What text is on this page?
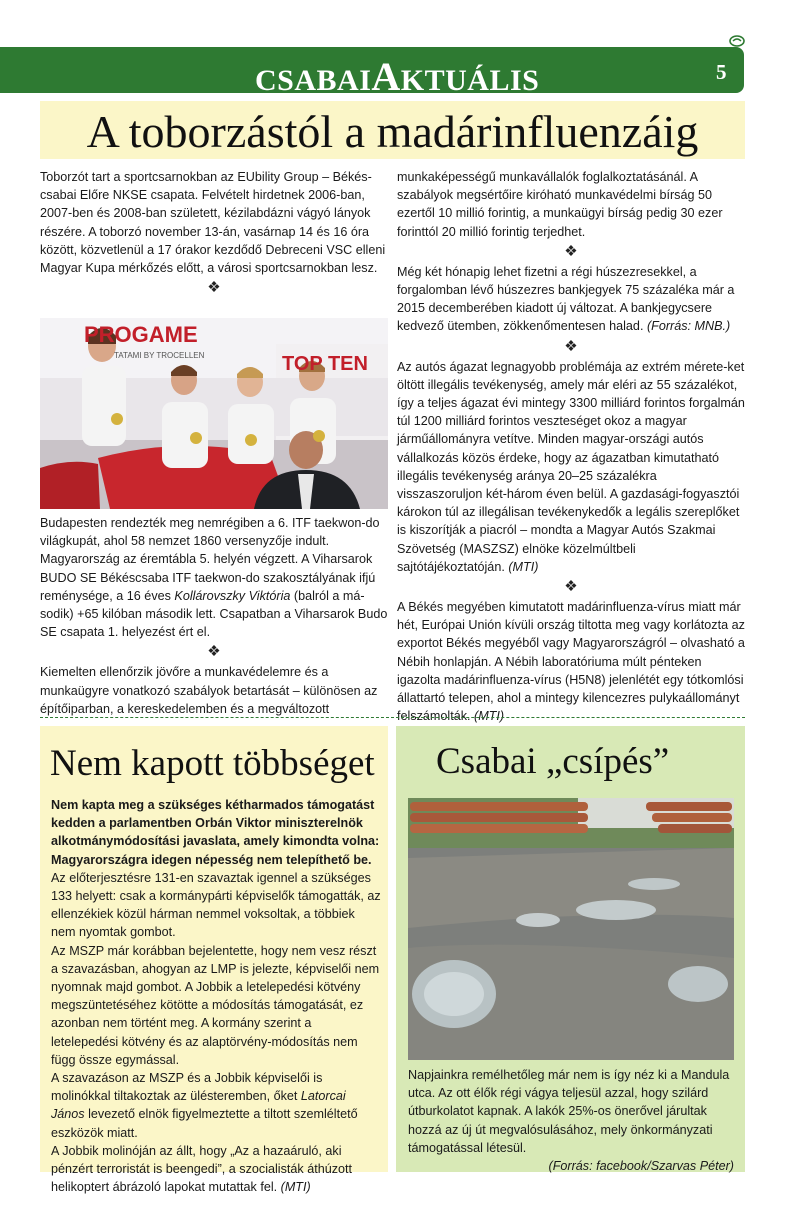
CSABAIAKTUÁLIS	5
A toborzástól a madárinfluenzáig

Toborzót tart a sportcsarnokban az EUbility Group – Békés-csabai Előre NKSE csapata. Felvételt hirdetnek 2006-ban, 2007-ben és 2008-ban született, kézilabdázni vágyó lányok részére. A toborzó november 13-án, vasárnap 14 és 16 óra között, közvetlenül a 17 órakor kezdődő Debreceni VSC elleni Magyar Kupa mérkőzés előtt, a városi sportcsarnokban lesz.

❖
PROGAME
TATAMI BY TROCELLEN	TOP TEN

Budapesten rendezték meg nemrégiben a 6. ITF taekwon-do világkupát, ahol 58 nemzet 1860 versenyzője indult. Magyarország az éremtábla 5. helyén végzett. A Viharsarok BUDO SE Békéscsaba ITF taekwon-do szakosztályának ifjú reménysége, a 16 éves Kollárovszky Viktória (balról a má-sodik) +65 kilóban második lett. Csapatban a Viharsarok Budo SE csapata 1. helyezést ért el.

❖

Kiemelten ellenőrzik jövőre a munkavédelemre és a munkaügyre vonatkozó szabályok betartását – különösen az építőiparban, a kereskedelemben és a megváltozott

munkaképességű munkavállalók foglalkoztatásánál. A szabályok megsértőire kiróható munkavédelmi bírság 50 ezertől 10 millió forintig, a munkaügyi bírság pedig 30 ezer forinttól 20 millió forintig terjedhet.

❖

Még két hónapig lehet fizetni a régi húszezresekkel, a forgalomban lévő húszezres bankjegyek 75 százaléka már a 2015 decemberében kiadott új változat. A bankjegycsere kedvező ütemben, zökkenőmentesen halad. (Forrás: MNB.)

❖

Az autós ágazat legnagyobb problémája az extrém mérete-ket öltött illegális tevékenység, amely már eléri az 55 százalékot, így a teljes ágazat évi mintegy 3300 milliárd forintos forgalmán túl 1200 milliárd forintos veszteséget okoz a magyar járműállományra vetítve. Minden magyar-országi autós vállalkozás közös érdeke, hogy az ágazatban kimutatható illegális tevékenység aránya 20–25 százalékra visszaszoruljon két-három éven belül. A gazdasági-fogyasztói károkon túl az illegálisan tevékenykedők a legális szereplőket is kiszorítják a piacról – mondta a Magyar Autós Szakmai Szövetség (MASZSZ) elnöke közelmúltbeli sajtótájékoztatóján. (MTI)

❖

A Békés megyében kimutatott madárinfluenza-vírus miatt már hét, Európai Unión kívüli ország tiltotta meg vagy korlátozta az exportot Békés megyéből vagy Magyarországról – olvasható a Nébih honlapján. A Nébih laboratóriuma múlt pénteken igazolta madárinfluenza-vírus (H5N8) jelenlétét egy tótkomlósi állattartó telepen, ahol a mintegy kilencezres pulykaállományt felszámolták. (MTI)

Nem kapott többséget

Nem kapta meg a szükséges kétharmados támogatást kedden a parlamentben Orbán Viktor miniszterelnök alkotmánymódosítási javaslata, amely kimondta volna: Magyarországra idegen népesség nem telepíthető be.

Az előterjesztésre 131-en szavaztak igennel a szükséges 133 helyett: csak a kormánypárti képviselők támogatták, az ellenzékiek közül hárman nemmel voksoltak, a többiek nem nyomtak gombot.

Az MSZP már korábban bejelentette, hogy nem vesz részt a szavazásban, ahogyan az LMP is jelezte, képviselői nem nyomnak majd gombot. A Jobbik a letelepedési kötvény megszüntetéséhez kötötte a módosítás támogatását, ez azonban nem történt meg. A kormány szerint a letelepedési kötvény és az alaptörvény-módosítás nem függ össze egymással.

A szavazáson az MSZP és a Jobbik képviselői is molinókkal tiltakoztak az ülésteremben, őket Latorcai János levezető elnök figyelmeztette a tiltott szemléltető eszközök miatt.

A Jobbik molinóján az állt, hogy „Az a hazaáruló, aki pénzért terroristát is beengedi”, a szocialisták áthúzott helikoptert ábrázoló lapokat mutattak fel. (MTI)

Csabai „csípés”

Napjainkra remélhetőleg már nem is így néz ki a Mandula utca. Az ott élők régi vágya teljesül azzal, hogy szilárd útburkolatot kapnak. A lakók 25%-os önerővel járultak hozzá az új út megvalósulásához, mely önkormányzati támogatással létesül.

(Forrás: facebook/Szarvas Péter)
